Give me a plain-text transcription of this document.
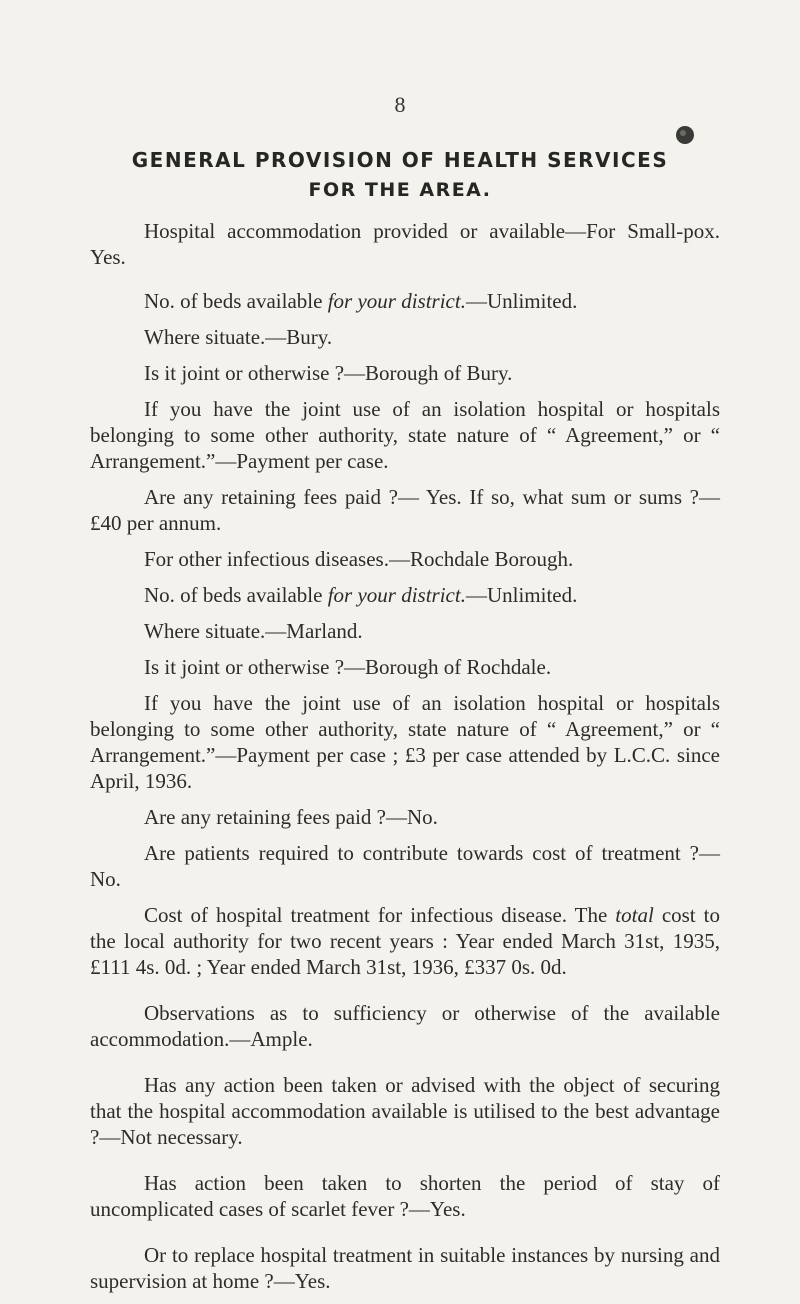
8
GENERAL PROVISION OF HEALTH SERVICES
FOR THE AREA.

Hospital accommodation provided or available—For Small-pox. Yes.

No. of beds available for your district.—Unlimited.

Where situate.—Bury.

Is it joint or otherwise ?—Borough of Bury.

If you have the joint use of an isolation hospital or hospitals belonging to some other authority, state nature of “ Agreement,” or “ Arrangement.”—Payment per case.

Are any retaining fees paid ?— Yes. If so, what sum or sums ?—£40 per annum.

For other infectious diseases.—Rochdale Borough.

No. of beds available for your district.—Unlimited.

Where situate.—Marland.

Is it joint or otherwise ?—Borough of Rochdale.

If you have the joint use of an isolation hospital or hospitals belonging to some other authority, state nature of “ Agreement,” or “ Arrangement.”—Payment per case ; £3 per case attended by L.C.C. since April, 1936.

Are any retaining fees paid ?—No.

Are patients required to contribute towards cost of treatment ?— No.

Cost of hospital treatment for infectious disease. The total cost to the local authority for two recent years : Year ended March 31st, 1935, £111 4s. 0d. ; Year ended March 31st, 1936, £337 0s. 0d.

Observations as to sufficiency or otherwise of the available accommodation.—Ample.

Has any action been taken or advised with the object of securing that the hospital accommodation available is utilised to the best advantage ?—Not necessary.

Has action been taken to shorten the period of stay of uncomplicated cases of scarlet fever ?—Yes.

Or to replace hospital treatment in suitable instances by nursing and supervision at home ?—Yes.
